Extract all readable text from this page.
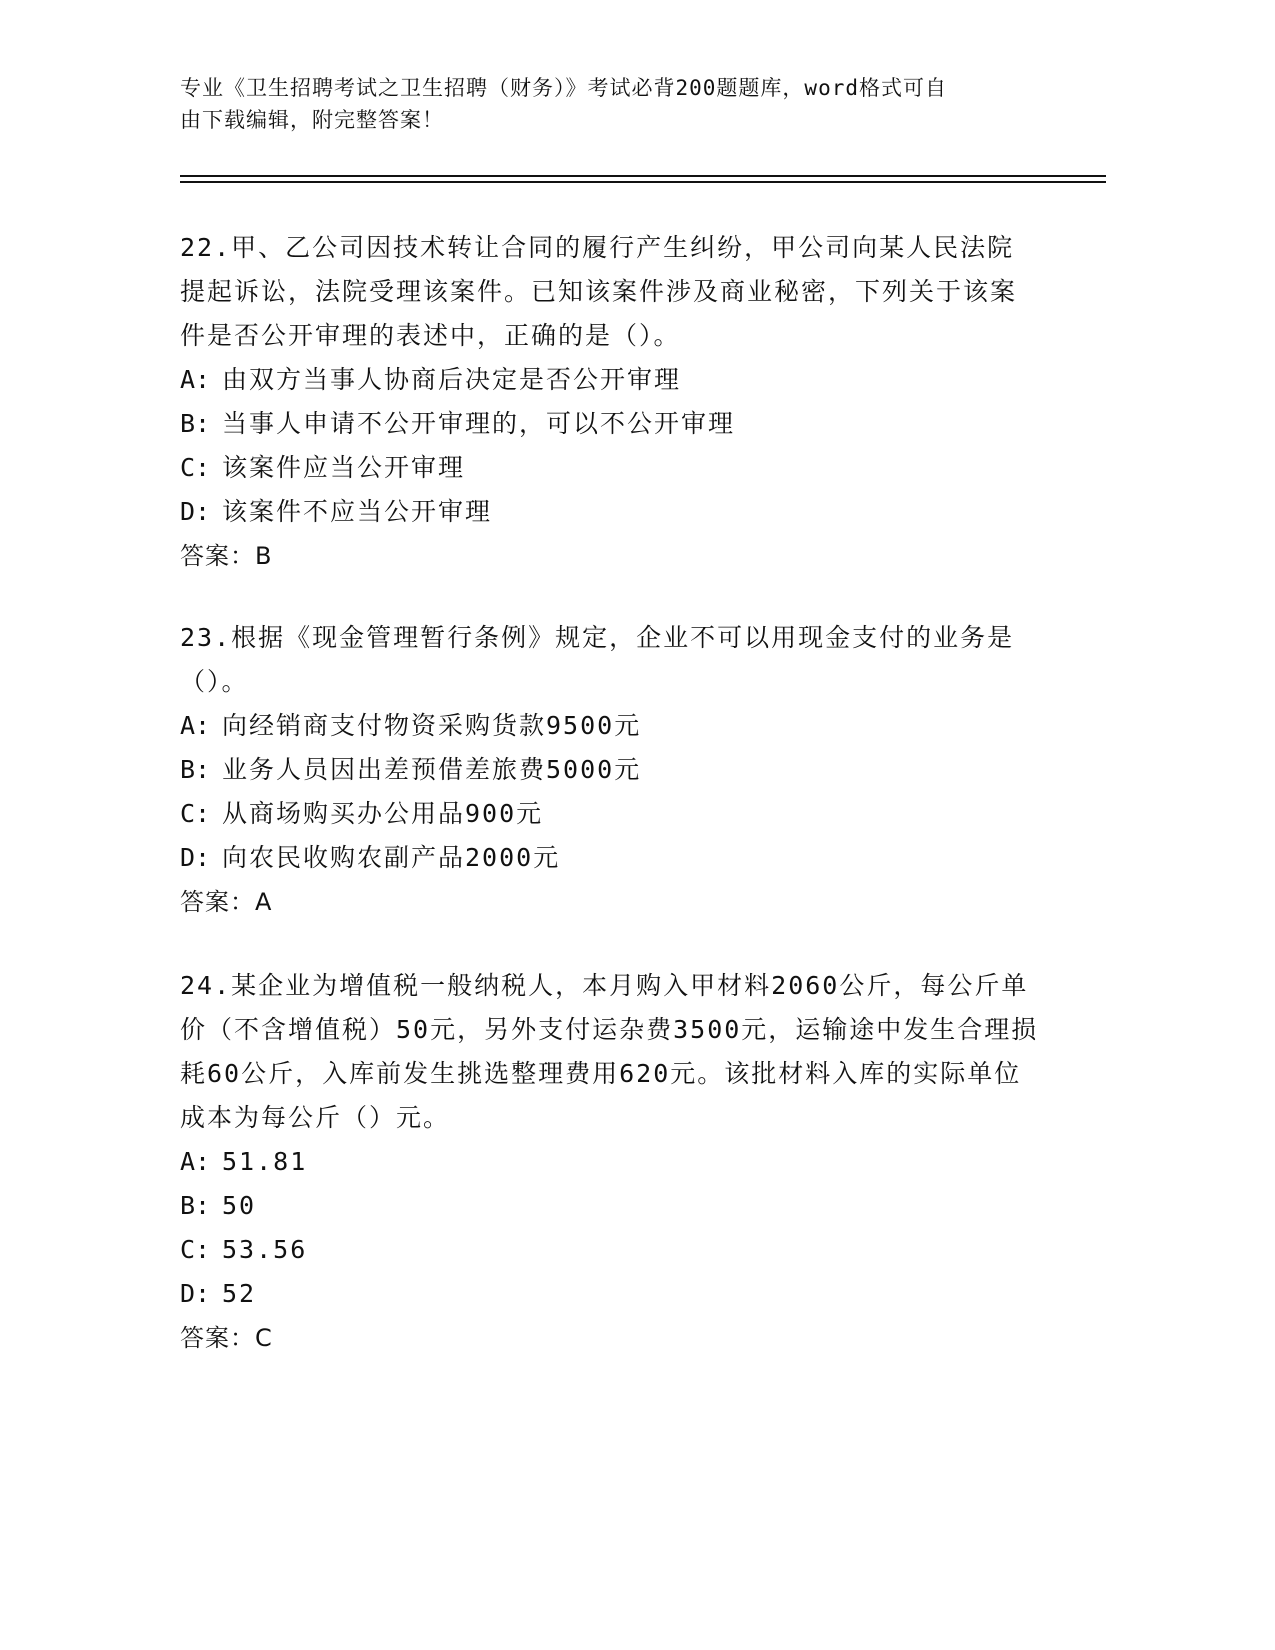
专业《卫生招聘考试之卫生招聘（财务）》考试必背200题题库，word格式可自
由下载编辑，附完整答案！

22.甲、乙公司因技术转让合同的履行产生纠纷，甲公司向某人民法院提起诉讼，法院受理该案件。已知该案件涉及商业秘密，下列关于该案件是否公开审理的表述中，正确的是（）。

A: 由双方当事人协商后决定是否公开审理

B: 当事人申请不公开审理的，可以不公开审理

C: 该案件应当公开审理

D: 该案件不应当公开审理

答案：B

23.根据《现金管理暂行条例》规定，企业不可以用现金支付的业务是（）。

A: 向经销商支付物资采购货款9500元

B: 业务人员因出差预借差旅费5000元

C: 从商场购买办公用品900元

D: 向农民收购农副产品2000元

答案：A

24.某企业为增值税一般纳税人，本月购入甲材料2060公斤，每公斤单价（不含增值税）50元，另外支付运杂费3500元，运输途中发生合理损耗60公斤，入库前发生挑选整理费用620元。该批材料入库的实际单位成本为每公斤（）元。

A: 51.81

B: 50

C: 53.56

D: 52

答案：C
